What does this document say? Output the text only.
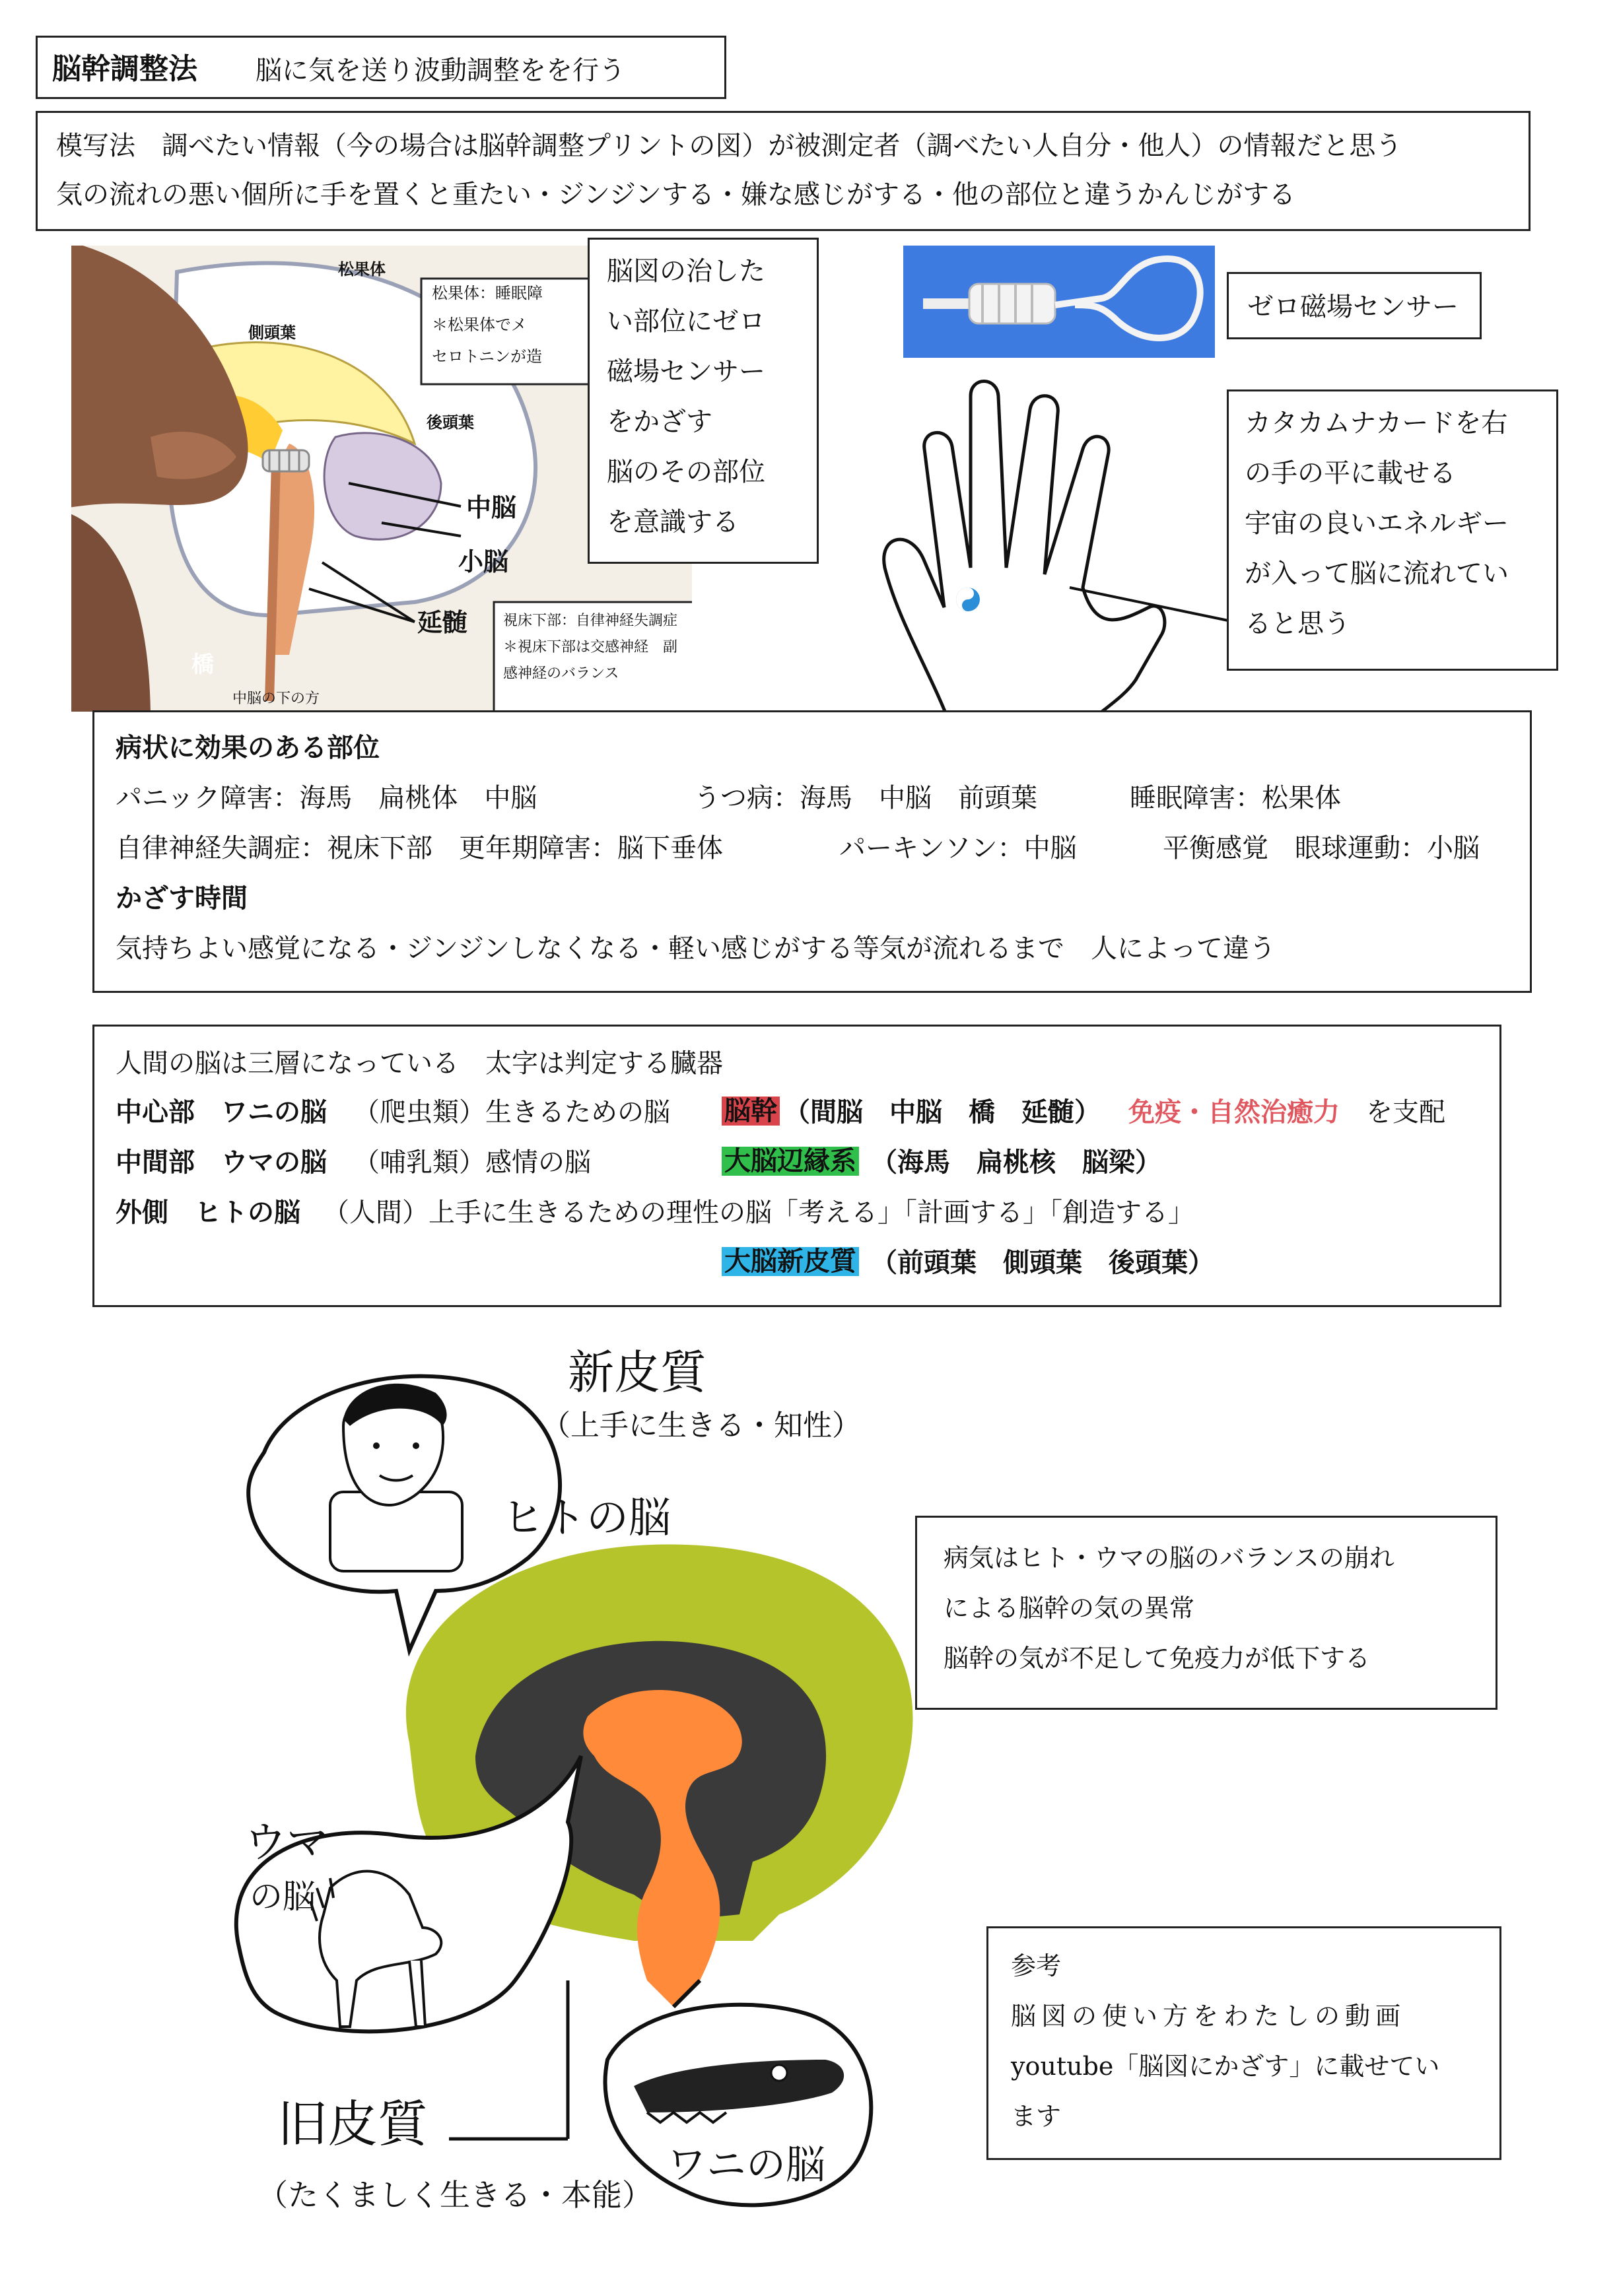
脳幹調整法 脳に気を送り波動調整をを行う
模写法　調べたい情報（今の場合は脳幹調整プリントの図）が被測定者（調べたい人自分・他人）の情報だと思う
気の流れの悪い個所に手を置くと重たい・ジンジンする・嫌な感じがする・他の部位と違うかんじがする
松果体
側頭葉
後頭葉
中脳
小脳
延髄
橋
松果体：睡眠障
＊松果体でメ
セロトニンが造
視床下部：自律神経失調症
＊視床下部は交感神経　副
感神経のバランス
　　中脳の下の方
脳図の治した
い部位にゼロ
磁場センサー
をかざす
脳のその部位
を意識する
ゼロ磁場センサー
カタカムナカードを右
の手の平に載せる
宇宙の良いエネルギー
が入って脳に流れてい
ると思う
病状に効果のある部位
パニック障害：海馬　扁桃体　中脳	うつ病：海馬　中脳　前頭葉	睡眠障害：松果体
自律神経失調症：視床下部　更年期障害：脳下垂体	パーキンソン：中脳	平衡感覚　眼球運動：小脳
かざす時間
気持ちよい感覚になる・ジンジンしなくなる・軽い感じがする等気が流れるまで　人によって違う
人間の脳は三層になっている　太字は判定する臓器
中心部　ワニの脳 （爬虫類）生きるための脳 脳幹 （間脳　中脳　橋　延髄） 免疫・自然治癒力 を支配
中間部　ウマの脳 （哺乳類）感情の脳	大脳辺縁系 （海馬　扁桃核　脳梁）
外側　ヒトの脳 （人間）上手に生きるための理性の脳「考える」「計画する」「創造する」
大脳新皮質 （前頭葉　側頭葉　後頭葉）
新皮質
（上手に生きる・知性）
ヒトの脳
ウマ
の脳
旧皮質
（たくましく生きる・本能）
ワニの脳
病気はヒト・ウマの脳のバランスの崩れ
による脳幹の気の異常
脳幹の気が不足して免疫力が低下する
参考
脳図の使い方をわたしの動画
youtube「脳図にかざす」に載せてい
ます
